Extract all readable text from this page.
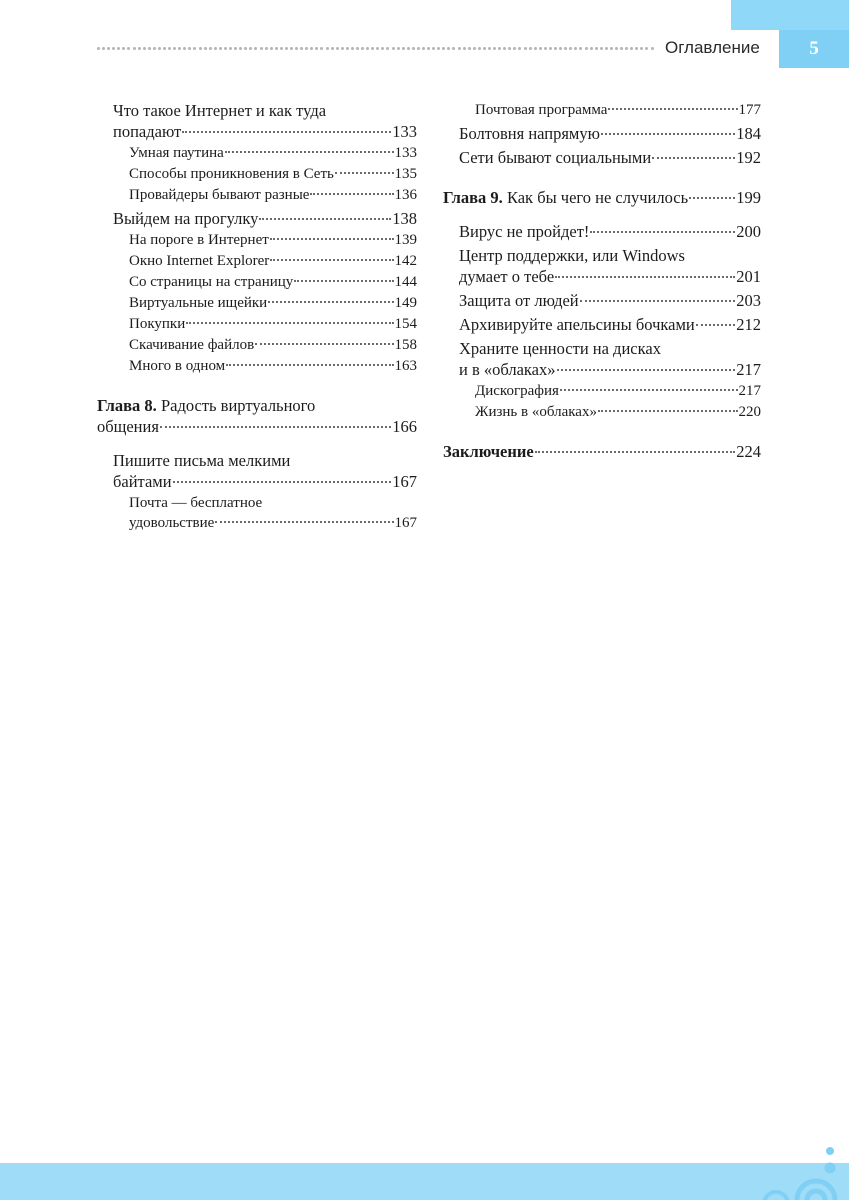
5
Оглавление
Что такое Интернет и как туда
попадают	133
Умная паутина	133
Способы проникновения в Сеть	135
Провайдеры бывают разные	136
Выйдем на прогулку	138
На пороге в Интернет	139
Окно Internet Explorer	142
Со страницы на страницу	144
Виртуальные ищейки	149
Покупки	154
Скачивание файлов	158
Много в одном	163
Глава 8. Радость виртуального
общения	166
Пишите письма мелкими
байтами	167
Почта — бесплатное
удовольствие	167
Почтовая программа	177
Болтовня напрямую	184
Сети бывают социальными	192
Глава 9. Как бы чего не случилось	199
Вирус не пройдет!	200
Центр поддержки, или Windows
думает о тебе	201
Защита от людей	203
Архивируйте апельсины бочками	212
Храните ценности на дисках
и в «облаках»	217
Дискография	217
Жизнь в «облаках»	220
Заключение	224
